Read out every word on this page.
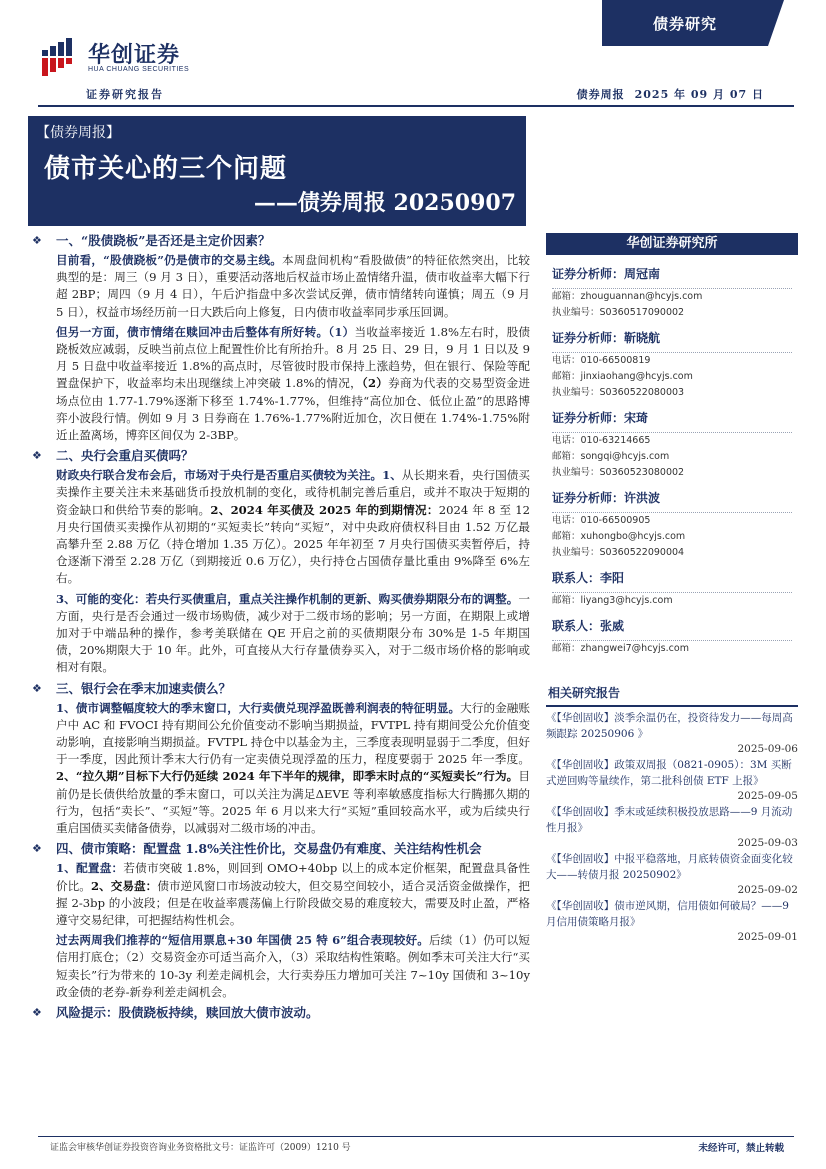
债券研究
华创证券
HUA CHUANG SECURITIES
证券研究报告	债券周报 2025 年 09 月 07 日
【债券周报】
债市关心的三个问题
——债券周报 20250907
❖	一、“股债跷板”是否还是主定价因素？
目前看，“股债跷板”仍是债市的交易主线。本周盘间机构“看股做债”的特征依然突出，比较典型的是：周三（9 月 3 日），重要活动落地后权益市场止盈情绪升温，债市收益率大幅下行超 2BP；周四（9 月 4 日），午后沪指盘中多次尝试反弹，债市情绪转向谨慎；周五（9 月 5 日），权益市场经历前一日大跌后向上修复，日内债市收益率同步承压回调。
但另一方面，债市情绪在赎回冲击后整体有所好转。（1）当收益率接近 1.8%左右时，股债跷板效应减弱，反映当前点位上配置性价比有所抬升。8 月 25 日、29 日，9 月 1 日以及 9 月 5 日盘中收益率接近 1.8%的高点时，尽管彼时股市保持上涨趋势，但在银行、保险等配置盘保护下，收益率均未出现继续上冲突破 1.8%的情况，（2）券商为代表的交易型资金进场点位由 1.77-1.79%逐渐下移至 1.74%-1.77%，但维持“高位加仓、低位止盈”的思路博弈小波段行情。例如 9 月 3 日券商在 1.76%-1.77%附近加仓，次日便在 1.74%-1.75%附近止盈离场，博弈区间仅为 2-3BP。
❖	二、央行会重启买债吗？
财政央行联合发布会后，市场对于央行是否重启买债较为关注。1、从长期来看，央行国债买卖操作主要关注未来基础货币投放机制的变化，或待机制完善后重启，或并不取决于短期的资金缺口和供给节奏的影响。2、2024 年买债及 2025 年的到期情况：2024 年 8 至 12 月央行国债买卖操作从初期的“买短卖长”转向“买短”，对中央政府债权科目由 1.52 万亿最高攀升至 2.88 万亿（持仓增加 1.35 万亿）。2025 年年初至 7 月央行国债买卖暂停后，持仓逐渐下滑至 2.28 万亿（到期接近 0.6 万亿），央行持仓占国债存量比重由 9%降至 6%左右。
3、可能的变化：若央行买债重启，重点关注操作机制的更新、购买债券期限分布的调整。一方面，央行是否会通过一级市场购债，减少对于二级市场的影响；另一方面，在期限上或增加对于中端品种的操作，参考美联储在 QE 开启之前的买债期限分布 30%是 1-5 年期国债，20%期限大于 10 年。此外，可直接从大行存量债券买入，对于二级市场价格的影响或相对有限。
❖	三、银行会在季末加速卖债么？
1、债市调整幅度较大的季末窗口，大行卖债兑现浮盈既善利润表的特征明显。大行的金融账户中 AC 和 FVOCI 持有期间公允价值变动不影响当期损益，FVTPL 持有期间受公允价值变动影响，直接影响当期损益。FVTPL 持仓中以基金为主，三季度表现明显弱于二季度，但好于一季度，因此预计季末大行仍有一定卖债兑现浮盈的压力，程度要弱于 2025 年一季度。2、“拉久期”目标下大行仍延续 2024 年下半年的规律，即季末时点的“买短卖长”行为。目前仍是长债供给放量的季末窗口，可以关注为满足ΔEVE 等利率敏感度指标大行腾挪久期的行为，包括“卖长”、“买短”等。2025 年 6 月以来大行“买短”重回较高水平，或为后续央行重启国债买卖储备债券，以减弱对二级市场的冲击。
❖	四、债市策略：配置盘 1.8%关注性价比，交易盘仍有难度、关注结构性机会
1、配置盘：若债市突破 1.8%，则回到 OMO+40bp 以上的成本定价框架，配置盘具备性价比。2、交易盘：债市逆风窗口市场波动较大，但交易空间较小，适合灵活资金做操作，把握 2-3bp 的小波段；但是在收益率震荡偏上行阶段做交易的难度较大，需要及时止盈，严格遵守交易纪律，可把握结构性机会。
过去两周我们推荐的“短信用票息+30 年国债 25 特 6”组合表现较好。后续（1）仍可以短信用打底仓；（2）交易资金亦可适当高介入，（3）采取结构性策略。例如季末可关注大行“买短卖长”行为带来的 10-3y 利差走阔机会，大行卖券压力增加可关注 7~10y 国债和 3~10y 政金债的老券-新券利差走阔机会。
❖	风险提示：股债跷板持续，赎回放大债市波动。
华创证券研究所
证券分析师：周冠南
邮箱：zhouguannan@hcyjs.com
执业编号：S0360517090002
证券分析师：靳晓航
电话：010-66500819
邮箱：jinxiaohang@hcyjs.com
执业编号：S0360522080003
证券分析师：宋琦
电话：010-63214665
邮箱：songqi@hcyjs.com
执业编号：S0360523080002
证券分析师：许洪波
电话：010-66500905
邮箱：xuhongbo@hcyjs.com
执业编号：S0360522090004
联系人：李阳
邮箱：liyang3@hcyjs.com
联系人：张威
邮箱：zhangwei7@hcyjs.com
相关研究报告
《【华创固收】淡季余温仍在，投资待发力——每周高频跟踪 20250906 》
2025-09-06
《【华创固收】政策双周报（0821-0905）：3M 买断式逆回购等量续作，第二批科创债 ETF 上报》
2025-09-05
《【华创固收】季末或延续积极投放思路——9 月流动性月报》
2025-09-03
《【华创固收】中报平稳落地，月底转债资金面变化较大——转债月报 20250902》
2025-09-02
《【华创固收】债市逆风期，信用债如何破局？——9 月信用债策略月报》
2025-09-01
证监会审核华创证券投资咨询业务资格批文号：证监许可（2009）1210 号	未经许可，禁止转载
